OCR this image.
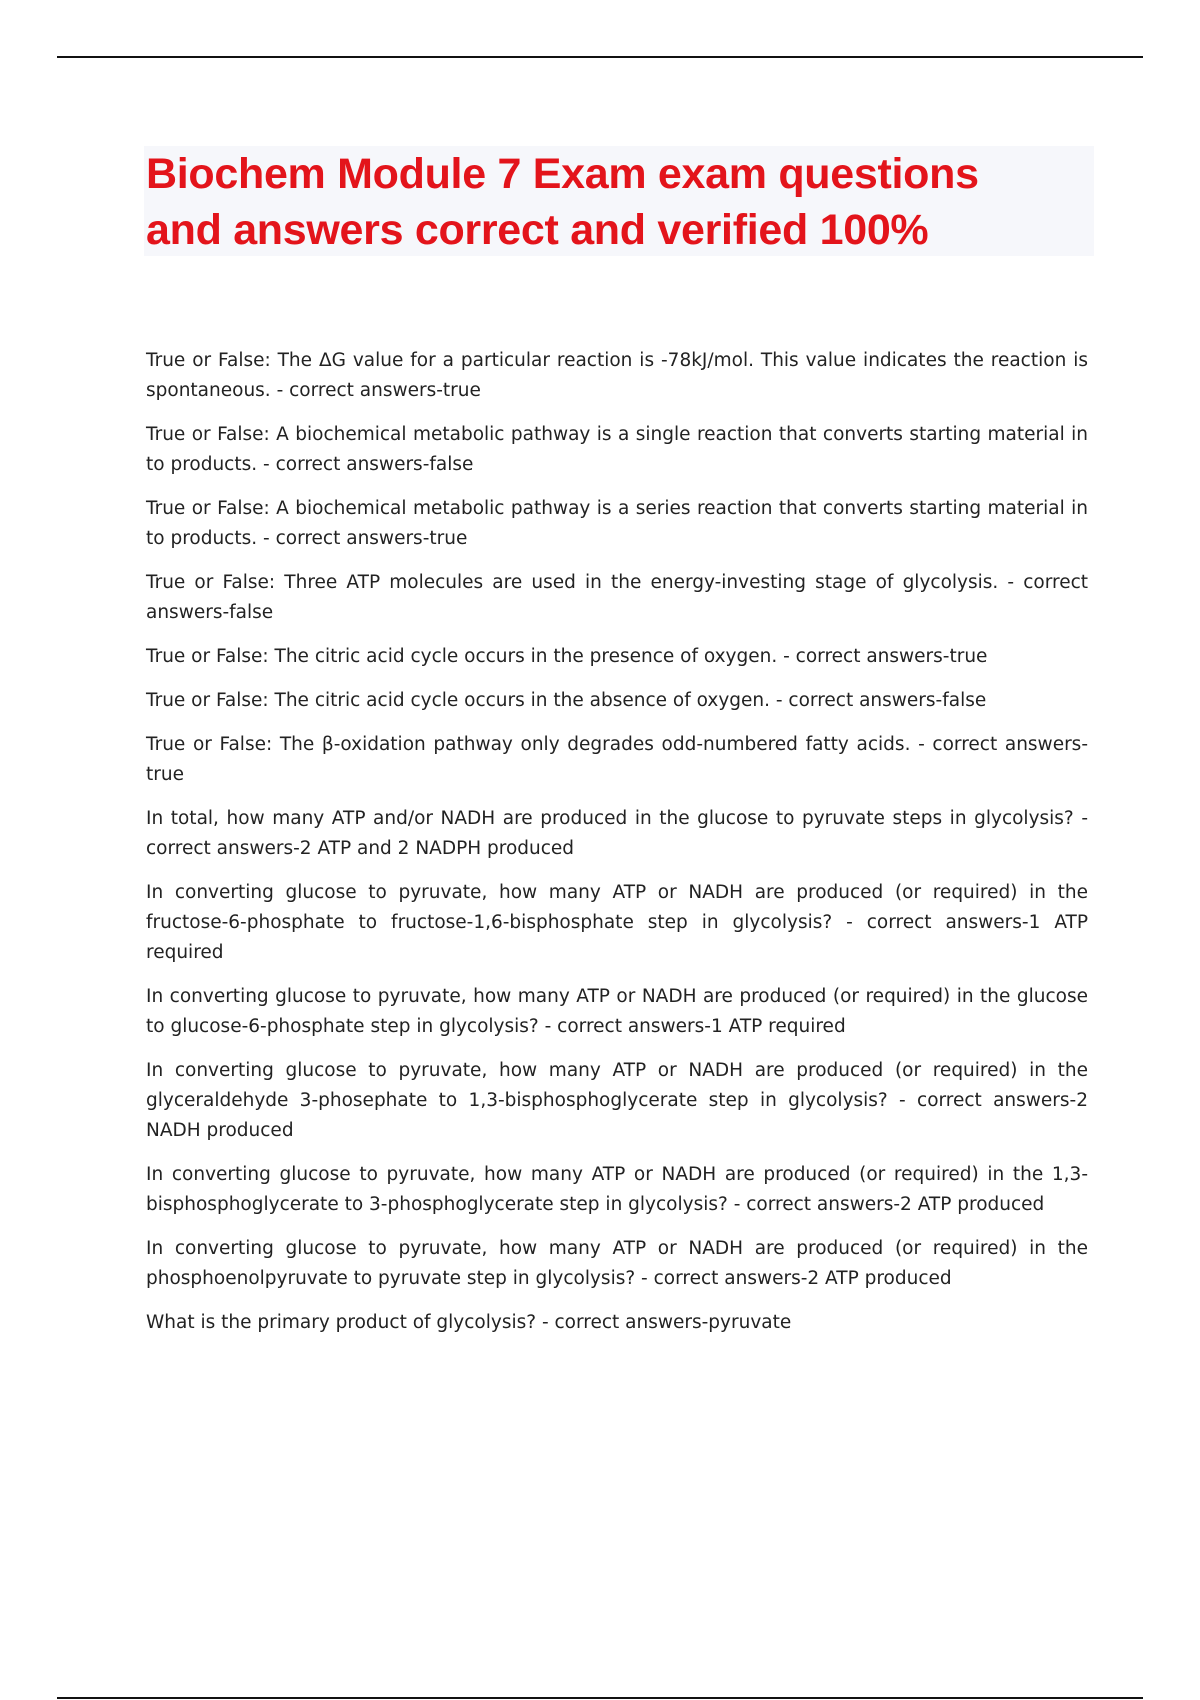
Biochem Module 7 Exam exam questions
and answers correct and verified 100%

True or False: The ΔG value for a particular reaction is -78kJ/mol. This value indicates the reaction is spontaneous. - correct answers-true

True or False: A biochemical metabolic pathway is a single reaction that converts starting material in to products. - correct answers-false

True or False: A biochemical metabolic pathway is a series reaction that converts starting material in to products. - correct answers-true

True or False: Three ATP molecules are used in the energy-investing stage of glycolysis. - correct answers-false

True or False: The citric acid cycle occurs in the presence of oxygen. - correct answers-true

True or False: The citric acid cycle occurs in the absence of oxygen. - correct answers-false

True or False: The β-oxidation pathway only degrades odd-numbered fatty acids. - correct answers-true

In total, how many ATP and/or NADH are produced in the glucose to pyruvate steps in glycolysis? - correct answers-2 ATP and 2 NADPH produced

In converting glucose to pyruvate, how many ATP or NADH are produced (or required) in the fructose-6-phosphate to fructose-1,6-bisphosphate step in glycolysis? - correct answers-1 ATP required

In converting glucose to pyruvate, how many ATP or NADH are produced (or required) in the glucose to glucose-6-phosphate step in glycolysis? - correct answers-1 ATP required

In converting glucose to pyruvate, how many ATP or NADH are produced (or required) in the glyceraldehyde 3-phosephate to 1,3-bisphosphoglycerate step in glycolysis? - correct answers-2 NADH produced

In converting glucose to pyruvate, how many ATP or NADH are produced (or required) in the 1,3-bisphosphoglycerate to 3-phosphoglycerate step in glycolysis? - correct answers-2 ATP produced

In converting glucose to pyruvate, how many ATP or NADH are produced (or required) in the phosphoenolpyruvate to pyruvate step in glycolysis? - correct answers-2 ATP produced

What is the primary product of glycolysis? - correct answers-pyruvate
